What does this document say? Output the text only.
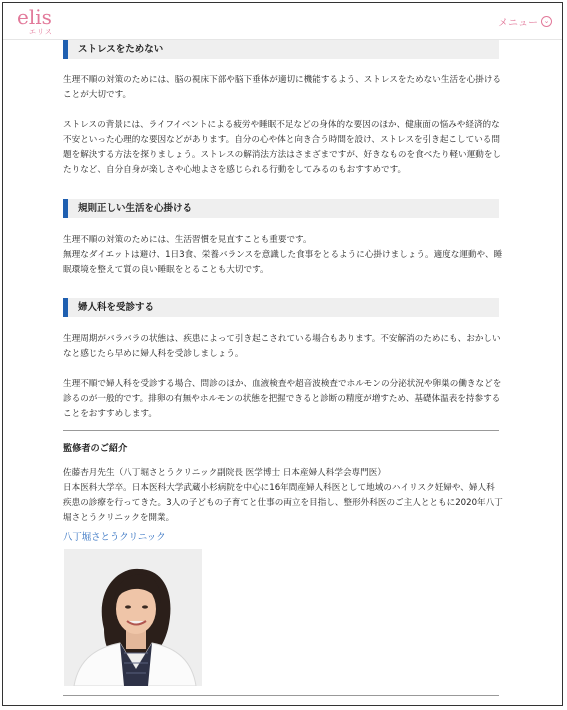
elis
エリス
メニュー ⌄
ストレスをためない

生理不順の対策のためには、脳の視床下部や脳下垂体が適切に機能するよう、ストレスをためない生活を心掛けることが大切です。

ストレスの背景には、ライフイベントによる疲労や睡眠不足などの身体的な要因のほか、健康面の悩みや経済的な不安といった心理的な要因などがあります。自分の心や体と向き合う時間を設け、ストレスを引き起こしている問題を解決する方法を探りましょう。ストレスの解消法方法はさまざまですが、好きなものを食べたり軽い運動をしたりなど、自分自身が楽しさや心地よさを感じられる行動をしてみるのもおすすめです。

規則正しい生活を心掛ける

生理不順の対策のためには、生活習慣を見直すことも重要です。
無理なダイエットは避け、1日3食、栄養バランスを意識した食事をとるように心掛けましょう。適度な運動や、睡眠環境を整えて質の良い睡眠をとることも大切です。

婦人科を受診する

生理周期がバラバラの状態は、疾患によって引き起こされている場合もあります。不安解消のためにも、おかしいなと感じたら早めに婦人科を受診しましょう。

生理不順で婦人科を受診する場合、問診のほか、血液検査や超音波検査でホルモンの分泌状況や卵巣の働きなどを診るのが一般的です。排卵の有無やホルモンの状態を把握できると診断の精度が増すため、基礎体温表を持参することをおすすめします。

監修者のご紹介

佐藤杏月先生（八丁堀さとうクリニック副院長 医学博士 日本産婦人科学会専門医）
日本医科大学卒。日本医科大学武蔵小杉病院を中心に16年間産婦人科医として地域のハイリスク妊婦や、婦人科疾患の診療を行ってきた。3人の子どもの子育てと仕事の両立を目指し、整形外科医のご主人とともに2020年八丁堀さとうクリニックを開業。

八丁堀さとうクリニック
